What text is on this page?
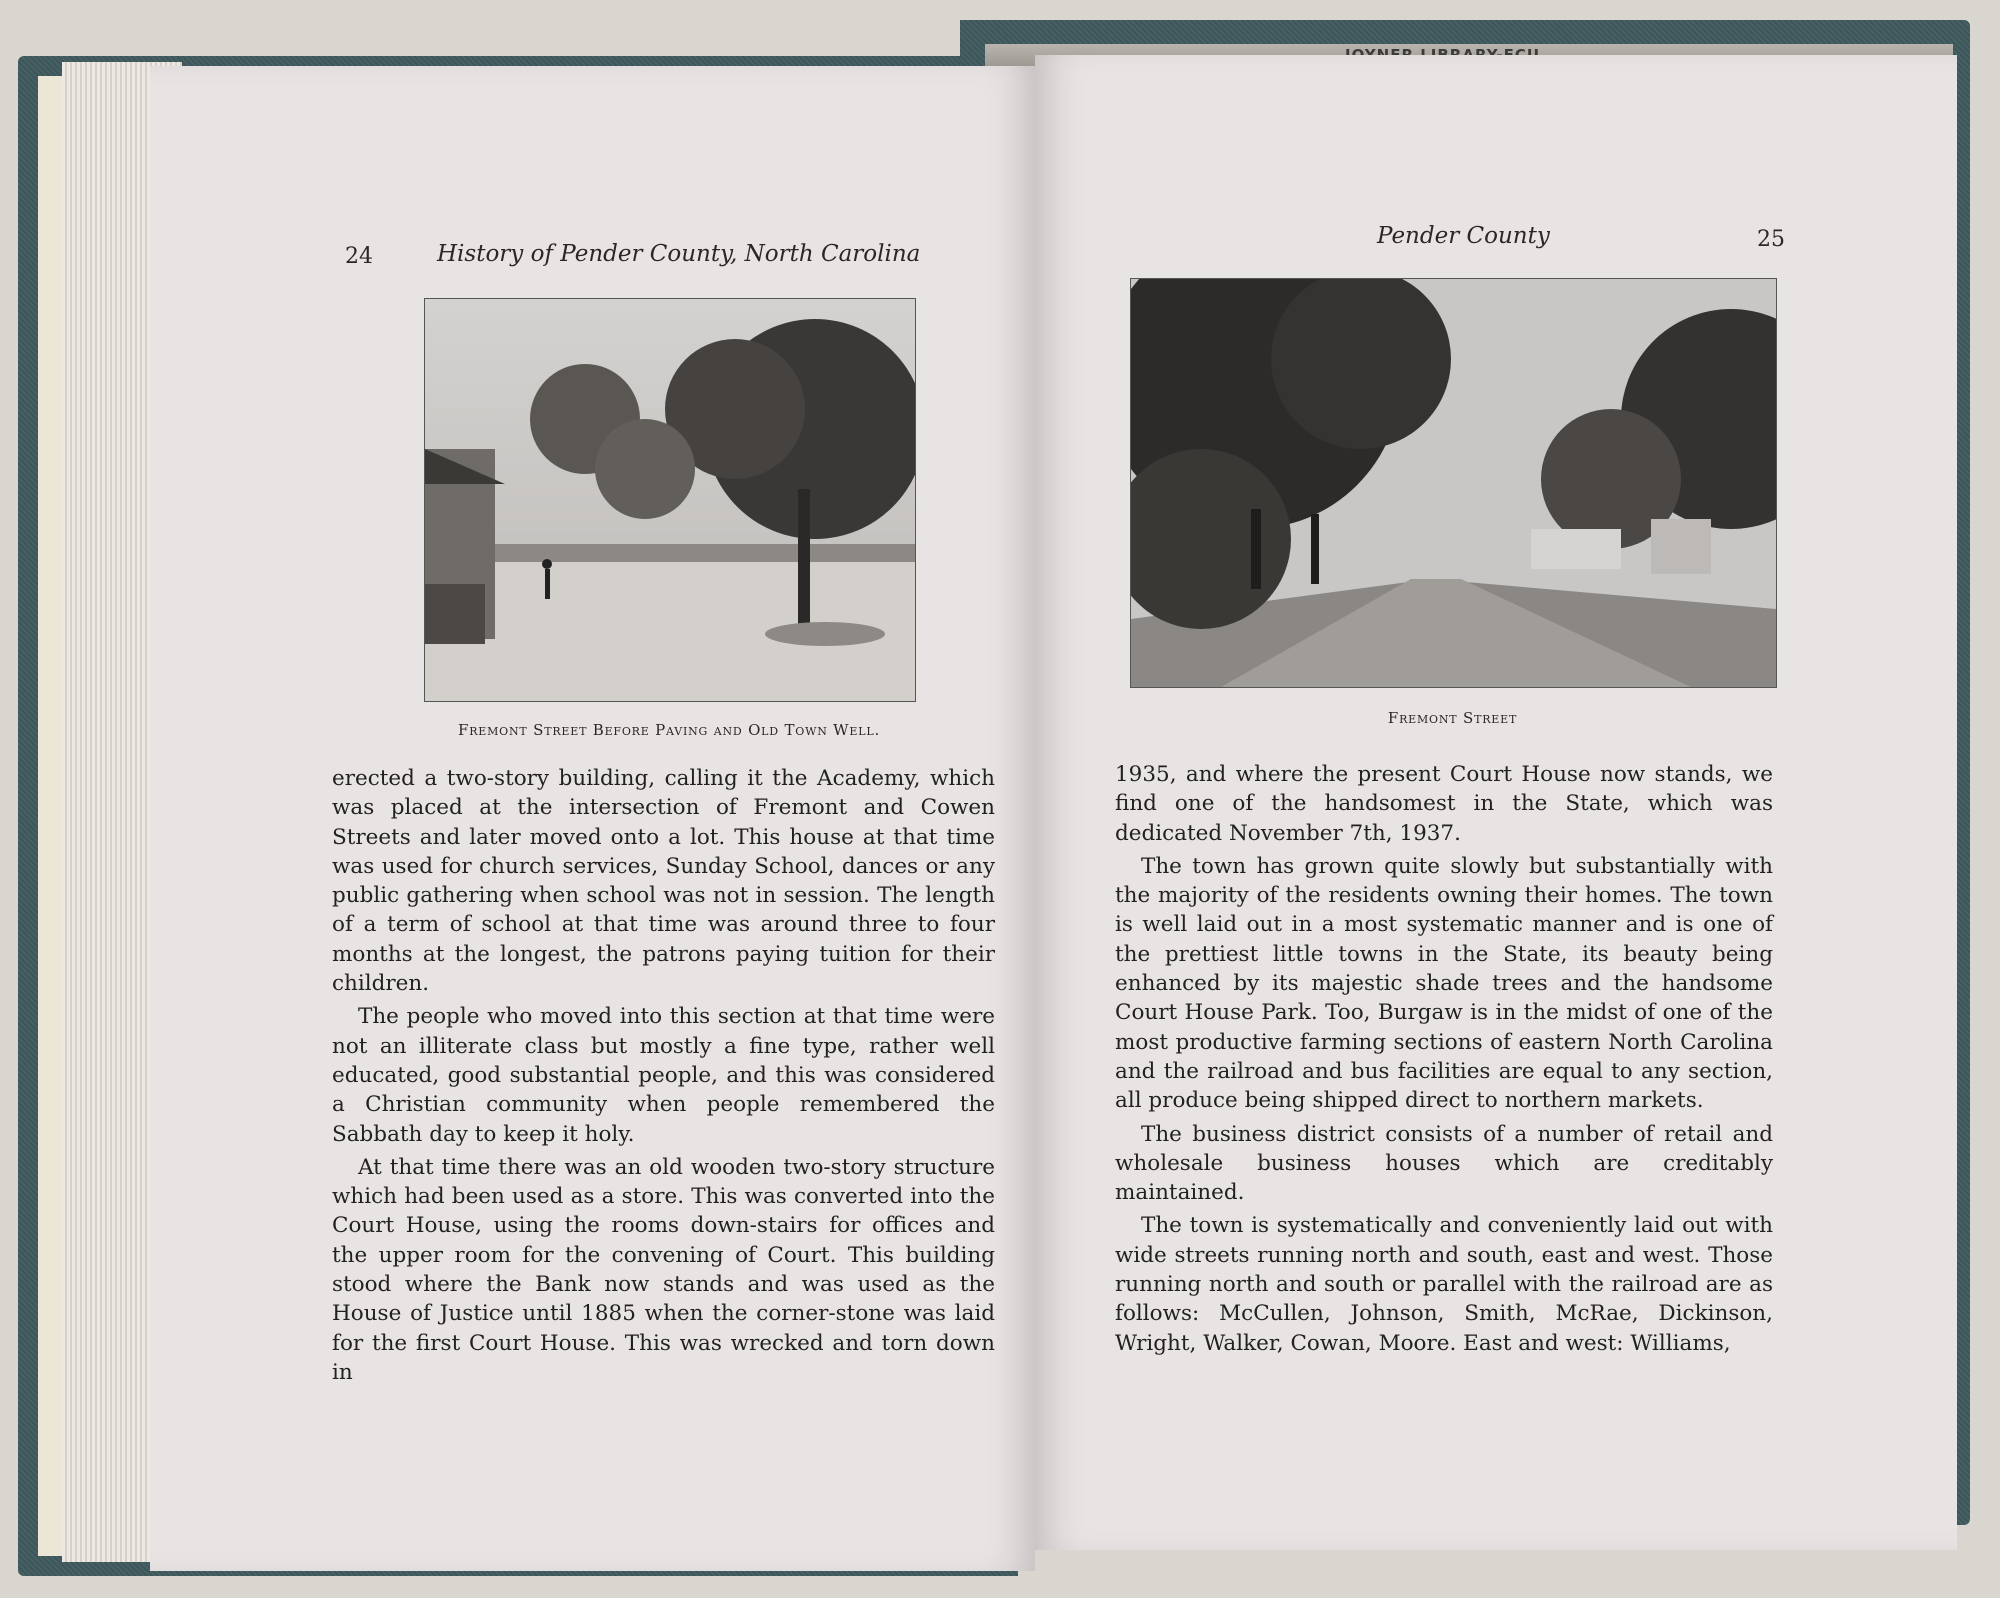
24	History of Pender County, North Carolina
Fremont Street Before Paving and Old Town Well.

erected a two-story building, calling it the Academy, which was placed at the intersection of Fremont and Cowen Streets and later moved onto a lot. This house at that time was used for church services, Sunday School, dances or any public gathering when school was not in session. The length of a term of school at that time was around three to four months at the longest, the patrons paying tuition for their children.

The people who moved into this section at that time were not an illiterate class but mostly a fine type, rather well educated, good substantial people, and this was considered a Christian community when people remembered the Sabbath day to keep it holy.

At that time there was an old wooden two-story structure which had been used as a store. This was converted into the Court House, using the rooms down-stairs for offices and the upper room for the convening of Court. This building stood where the Bank now stands and was used as the House of Justice until 1885 when the corner-stone was laid for the first Court House. This was wrecked and torn down in

Pender County	25
Fremont Street

1935, and where the present Court House now stands, we find one of the handsomest in the State, which was dedicated November 7th, 1937.

The town has grown quite slowly but substantially with the majority of the residents owning their homes. The town is well laid out in a most systematic manner and is one of the prettiest little towns in the State, its beauty being enhanced by its majestic shade trees and the handsome Court House Park. Too, Burgaw is in the midst of one of the most productive farming sections of eastern North Carolina and the railroad and bus facilities are equal to any section, all produce being shipped direct to northern markets.

The business district consists of a number of retail and wholesale business houses which are creditably maintained.

The town is systematically and conveniently laid out with wide streets running north and south, east and west. Those running north and south or parallel with the railroad are as follows: McCullen, Johnson, Smith, McRae, Dickinson, Wright, Walker, Cowan, Moore. East and west: Williams,
